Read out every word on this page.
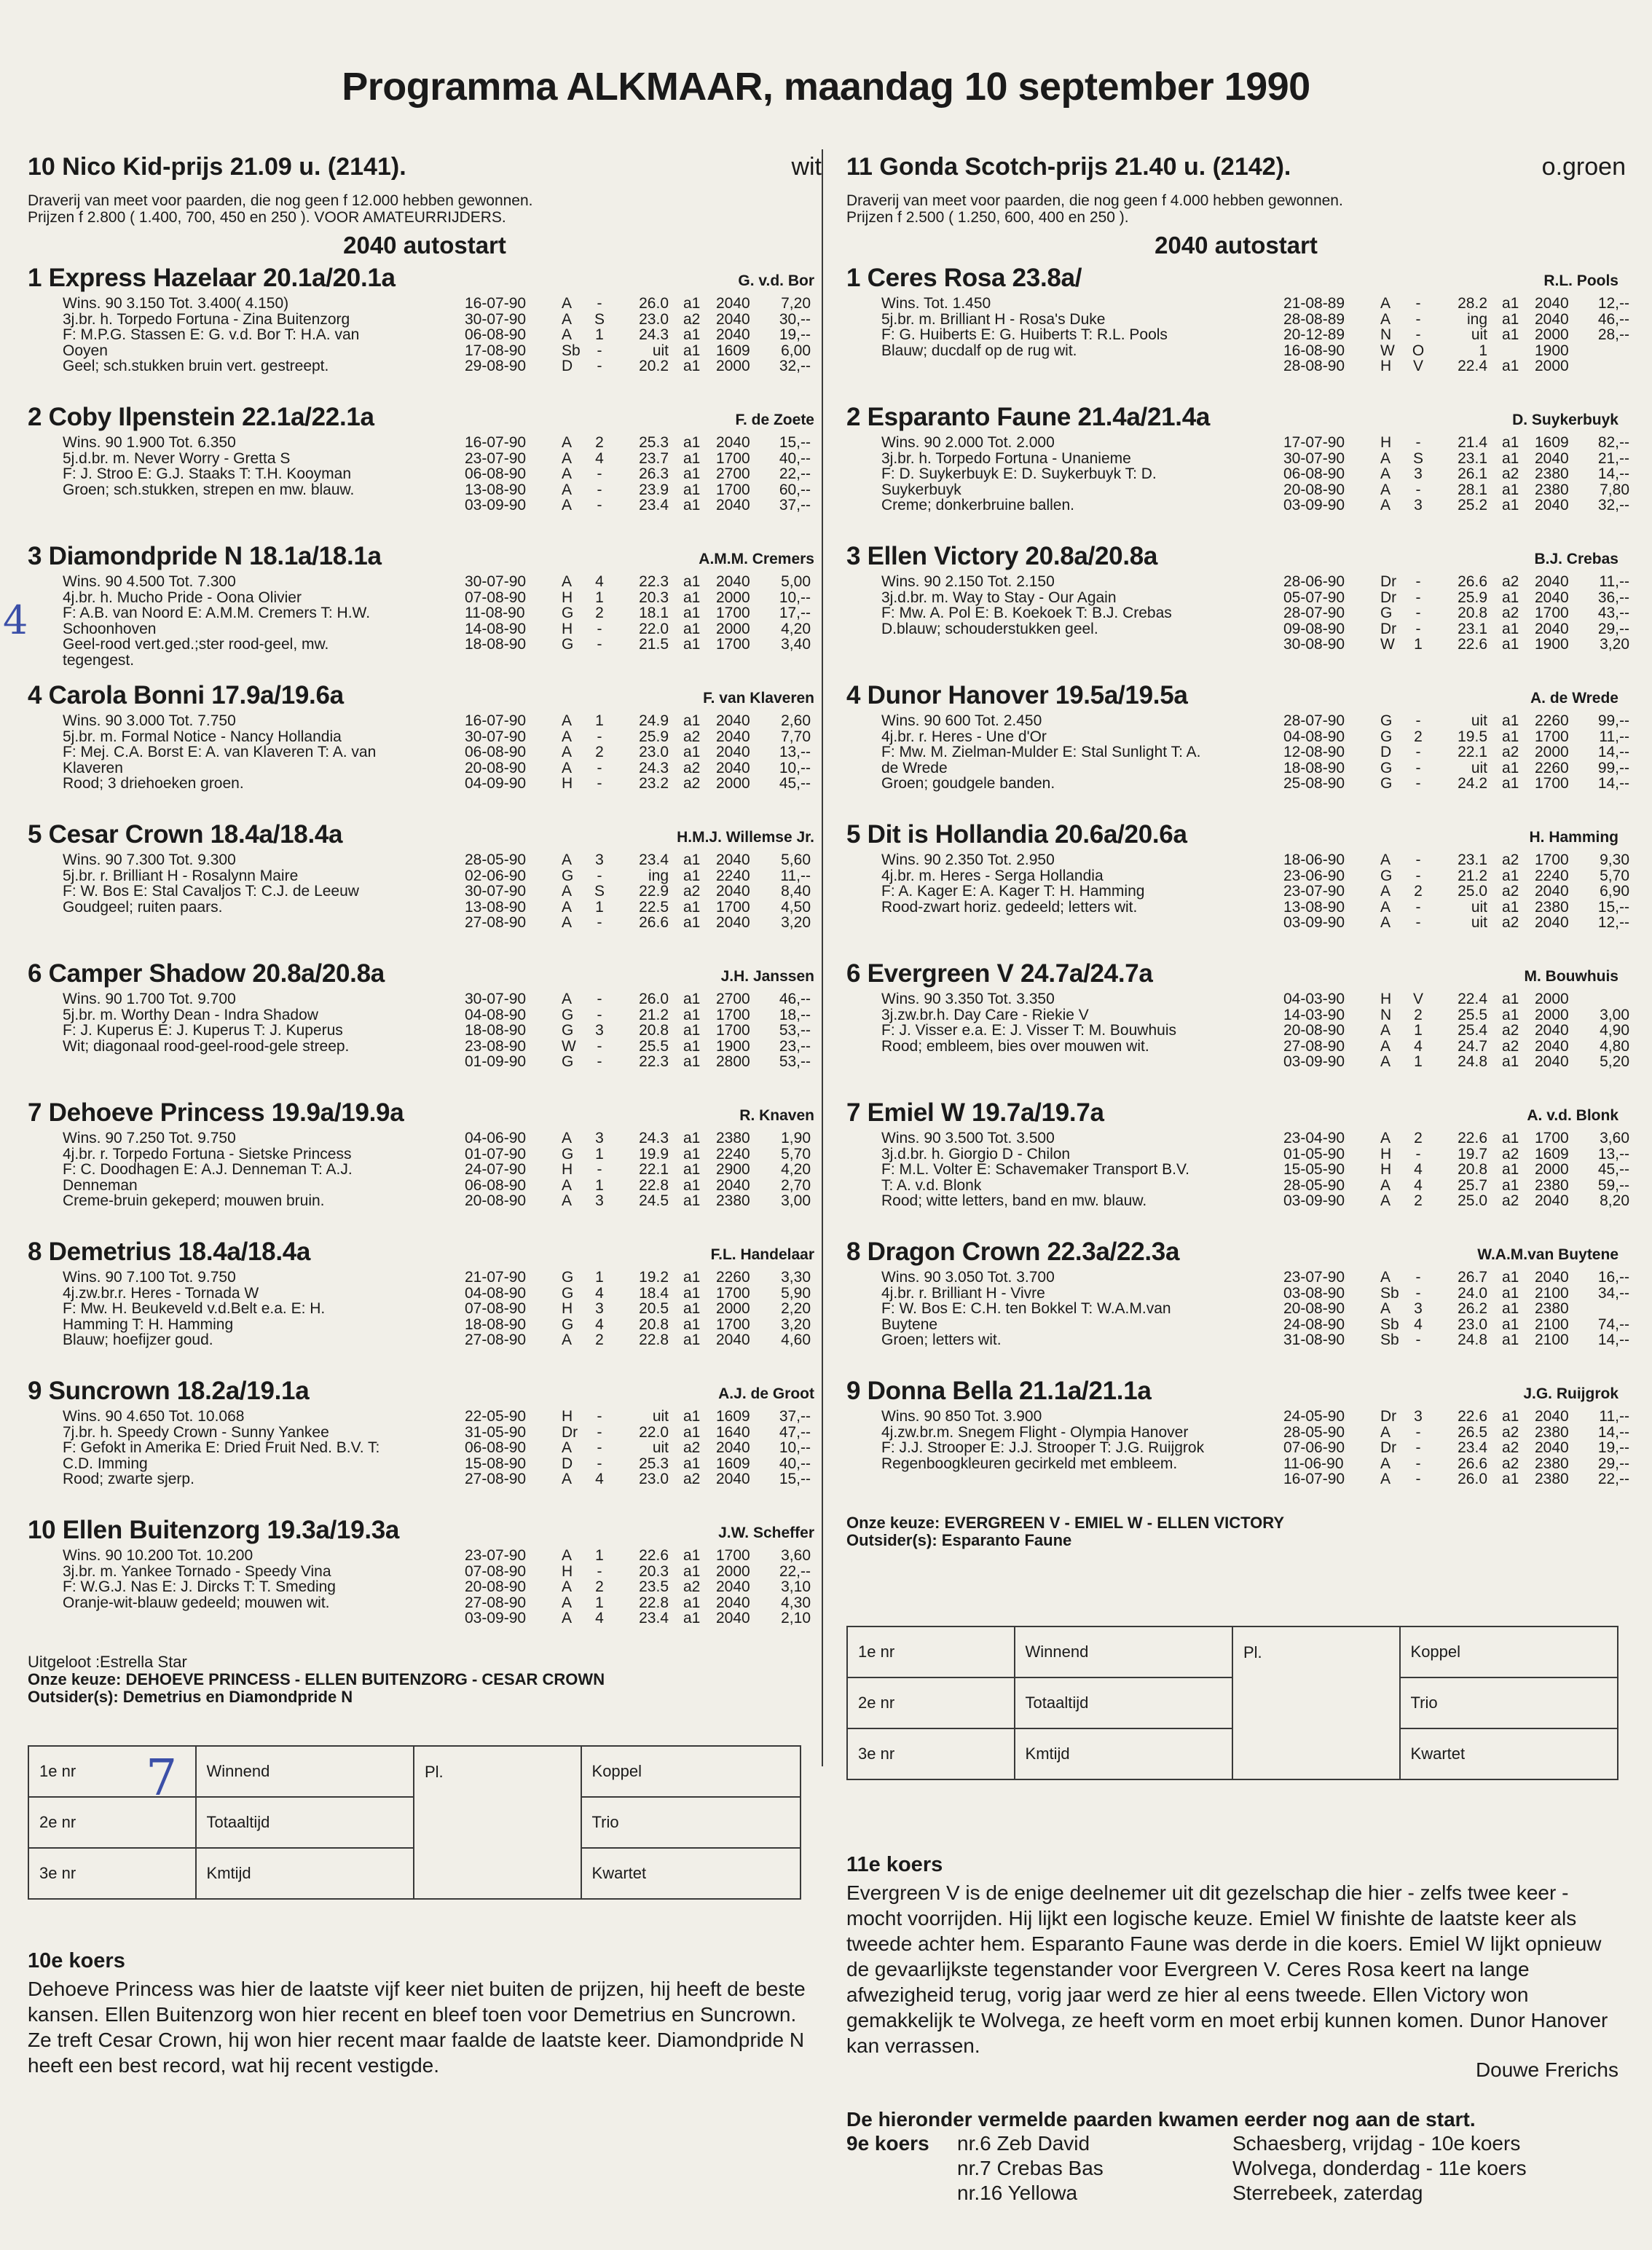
Programma ALKMAAR, maandag 10 september 1990
4
10 Nico Kid-prijs 21.09 u. (2141).	wit
Draverij van meet voor paarden, die nog geen f 12.000 hebben gewonnen.
Prijzen f 2.800 ( 1.400, 700, 450 en 250 ). VOOR AMATEURRIJDERS.
2040 autostart
1 Express Hazelaar 20.1a/20.1a	G. v.d. Bor
Wins. 90 3.150 Tot. 3.400( 4.150)
3j.br. h. Torpedo Fortuna - Zina Buitenzorg
F: M.P.G. Stassen E: G. v.d. Bor T: H.A. van
Ooyen
Geel; sch.stukken bruin vert. gestreept.
16-07-90 A	-	26.0 a1 2040	7,20
30-07-90 A	S	23.0 a2 2040	30,--
06-08-90 A	1	24.3 a1 2040	19,--
17-08-90 Sb	-	uit a1 1609	6,00
29-08-90 D	-	20.2 a1 2000	32,--
2 Coby Ilpenstein 22.1a/22.1a	F. de Zoete
Wins. 90 1.900 Tot. 6.350
5j.d.br. m. Never Worry - Gretta S
F: J. Stroo E: G.J. Staaks T: T.H. Kooyman
Groen; sch.stukken, strepen en mw. blauw.
16-07-90 A	2	25.3 a1 2040	15,--
23-07-90 A	4	23.7 a1 1700	40,--
06-08-90 A	-	26.3 a1 2700	22,--
13-08-90 A	-	23.9 a1 1700	60,--
03-09-90 A	-	23.4 a1 2040	37,--
3 Diamondpride N 18.1a/18.1a	A.M.M. Cremers
Wins. 90 4.500 Tot. 7.300
4j.br. h. Mucho Pride - Oona Olivier
F: A.B. van Noord E: A.M.M. Cremers T: H.W.
Schoonhoven
Geel-rood vert.ged.;ster rood-geel, mw.
tegengest.
30-07-90 A	4	22.3 a1 2040	5,00
07-08-90 H	1	20.3 a1 2000	10,--
11-08-90 G	2	18.1 a1 1700	17,--
14-08-90 H	-	22.0 a1 2000	4,20
18-08-90 G	-	21.5 a1 1700	3,40
4 Carola Bonni 17.9a/19.6a	F. van Klaveren
Wins. 90 3.000 Tot. 7.750
5j.br. m. Formal Notice - Nancy Hollandia
F: Mej. C.A. Borst E: A. van Klaveren T: A. van
Klaveren
Rood; 3 driehoeken groen.
16-07-90 A	1	24.9 a1 2040	2,60
30-07-90 A	-	25.9 a2 2040	7,70
06-08-90 A	2	23.0 a1 2040	13,--
20-08-90 A	-	24.3 a2 2040	10,--
04-09-90 H	-	23.2 a2 2000	45,--
5 Cesar Crown 18.4a/18.4a	H.M.J. Willemse Jr.
Wins. 90 7.300 Tot. 9.300
5j.br. r. Brilliant H - Rosalynn Maire
F: W. Bos E: Stal Cavaljos T: C.J. de Leeuw
Goudgeel; ruiten paars.
28-05-90 A	3	23.4 a1 2040	5,60
02-06-90 G	-	ing a1 2240	11,--
30-07-90 A	S	22.9 a2 2040	8,40
13-08-90 A	1	22.5 a1 1700	4,50
27-08-90 A	-	26.6 a1 2040	3,20
6 Camper Shadow 20.8a/20.8a	J.H. Janssen
Wins. 90 1.700 Tot. 9.700
5j.br. m. Worthy Dean - Indra Shadow
F: J. Kuperus E: J. Kuperus T: J. Kuperus
Wit; diagonaal rood-geel-rood-gele streep.
30-07-90 A	-	26.0 a1 2700	46,--
04-08-90 G	-	21.2 a1 1700	18,--
18-08-90 G	3	20.8 a1 1700	53,--
23-08-90 W	-	25.5 a1 1900	23,--
01-09-90 G	-	22.3 a1 2800	53,--
7 Dehoeve Princess 19.9a/19.9a	R. Knaven
Wins. 90 7.250 Tot. 9.750
4j.br. r. Torpedo Fortuna - Sietske Princess
F: C. Doodhagen E: A.J. Denneman T: A.J.
Denneman
Creme-bruin gekeperd; mouwen bruin.
04-06-90 A	3	24.3 a1 2380	1,90
01-07-90 G	1	19.9 a1 2240	5,70
24-07-90 H	-	22.1 a1 2900	4,20
06-08-90 A	1	22.8 a1 2040	2,70
20-08-90 A	3	24.5 a1 2380	3,00
8 Demetrius 18.4a/18.4a	F.L. Handelaar
Wins. 90 7.100 Tot. 9.750
4j.zw.br.r. Heres - Tornada W
F: Mw. H. Beukeveld v.d.Belt e.a. E: H.
Hamming T: H. Hamming
Blauw; hoefijzer goud.
21-07-90 G	1	19.2 a1 2260	3,30
04-08-90 G	4	18.4 a1 1700	5,90
07-08-90 H	3	20.5 a1 2000	2,20
18-08-90 G	4	20.8 a1 1700	3,20
27-08-90 A	2	22.8 a1 2040	4,60
9 Suncrown 18.2a/19.1a	A.J. de Groot
Wins. 90 4.650 Tot. 10.068
7j.br. h. Speedy Crown - Sunny Yankee
F: Gefokt in Amerika E: Dried Fruit Ned. B.V. T:
C.D. Imming
Rood; zwarte sjerp.
22-05-90 H	-	uit a1 1609	37,--
31-05-90 Dr	-	22.0 a1 1640	47,--
06-08-90 A	-	uit a2 2040	10,--
15-08-90 D	-	25.3 a1 1609	40,--
27-08-90 A	4	23.0 a2 2040	15,--
10 Ellen Buitenzorg 19.3a/19.3a	J.W. Scheffer
Wins. 90 10.200 Tot. 10.200
3j.br. m. Yankee Tornado - Speedy Vina
F: W.G.J. Nas E: J. Dircks T: T. Smeding
Oranje-wit-blauw gedeeld; mouwen wit.
23-07-90 A	1	22.6 a1 1700	3,60
07-08-90 H	-	20.3 a1 2000	22,--
20-08-90 A	2	23.5 a2 2040	3,10
27-08-90 A	1	22.8 a1 2040	4,30
03-09-90 A	4	23.4 a1 2040	2,10
Uitgeloot :Estrella Star
Onze keuze: DEHOEVE PRINCESS - ELLEN BUITENZORG - CESAR CROWN
Outsider(s): Demetrius en Diamondpride N
1e nr	Winnend	Pl.	Koppel
2e nr	Totaaltijd		Trio
3e nr	Kmtijd		Kwartet
7
10e koers

Dehoeve Princess was hier de laatste vijf keer niet buiten de prijzen, hij heeft de beste kansen. Ellen Buitenzorg won hier recent en bleef toen voor Demetrius en Suncrown. Ze treft Cesar Crown, hij won hier recent maar faalde de laatste keer. Diamondpride N heeft een best record, wat hij recent vestigde.

11 Gonda Scotch-prijs 21.40 u. (2142).	o.groen
Draverij van meet voor paarden, die nog geen f 4.000 hebben gewonnen.
Prijzen f 2.500 ( 1.250, 600, 400 en 250 ).
2040 autostart
1 Ceres Rosa 23.8a/	R.L. Pools
Wins. Tot. 1.450
5j.br. m. Brilliant H - Rosa's Duke
F: G. Huiberts E: G. Huiberts T: R.L. Pools
Blauw; ducdalf op de rug wit.
21-08-89 A	-	28.2 a1 2040	12,--
28-08-89 A	-	ing a1 2040	46,--
20-12-89 N	-	uit a1 2000	28,--
16-08-90 W	O	1	1900
28-08-90 H	V	22.4 a1 2000
2 Esparanto Faune 21.4a/21.4a	D. Suykerbuyk
Wins. 90 2.000 Tot. 2.000
3j.br. h. Torpedo Fortuna - Unanieme
F: D. Suykerbuyk E: D. Suykerbuyk T: D.
Suykerbuyk
Creme; donkerbruine ballen.
17-07-90 H	-	21.4 a1 1609	82,--
30-07-90 A	S	23.1 a1 2040	21,--
06-08-90 A	3	26.1 a2 2380	14,--
20-08-90 A	-	28.1 a1 2380	7,80
03-09-90 A	3	25.2 a1 2040	32,--
3 Ellen Victory 20.8a/20.8a	B.J. Crebas
Wins. 90 2.150 Tot. 2.150
3j.d.br. m. Way to Stay - Our Again
F: Mw. A. Pol E: B. Koekoek T: B.J. Crebas
D.blauw; schouderstukken geel.
28-06-90 Dr	-	26.6 a2 2040	11,--
05-07-90 Dr	-	25.9 a1 2040	36,--
28-07-90 G	-	20.8 a2 1700	43,--
09-08-90 Dr	-	23.1 a1 2040	29,--
30-08-90 W	1	22.6 a1 1900	3,20
4 Dunor Hanover 19.5a/19.5a	A. de Wrede
Wins. 90 600 Tot. 2.450
4j.br. r. Heres - Une d'Or
F: Mw. M. Zielman-Mulder E: Stal Sunlight T: A.
de Wrede
Groen; goudgele banden.
28-07-90 G	-	uit a1 2260	99,--
04-08-90 G	2	19.5 a1 1700	11,--
12-08-90 D	-	22.1 a2 2000	14,--
18-08-90 G	-	uit a1 2260	99,--
25-08-90 G	-	24.2 a1 1700	14,--
5 Dit is Hollandia 20.6a/20.6a	H. Hamming
Wins. 90 2.350 Tot. 2.950
4j.br. m. Heres - Serga Hollandia
F: A. Kager E: A. Kager T: H. Hamming
Rood-zwart horiz. gedeeld; letters wit.
18-06-90 A	-	23.1 a2 1700	9,30
23-06-90 G	-	21.2 a1 2240	5,70
23-07-90 A	2	25.0 a2 2040	6,90
13-08-90 A	-	uit a1 2380	15,--
03-09-90 A	-	uit a2 2040	12,--
6 Evergreen V 24.7a/24.7a	M. Bouwhuis
Wins. 90 3.350 Tot. 3.350
3j.zw.br.h. Day Care - Riekie V
F: J. Visser e.a. E: J. Visser T: M. Bouwhuis
Rood; embleem, bies over mouwen wit.
04-03-90 H	V	22.4 a1 2000
14-03-90 N	2	25.5 a1 2000	3,00
20-08-90 A	1	25.4 a2 2040	4,90
27-08-90 A	4	24.7 a2 2040	4,80
03-09-90 A	1	24.8 a1 2040	5,20
7 Emiel W 19.7a/19.7a	A. v.d. Blonk
Wins. 90 3.500 Tot. 3.500
3j.d.br. h. Giorgio D - Chilon
F: M.L. Volter E: Schavemaker Transport B.V.
T: A. v.d. Blonk
Rood; witte letters, band en mw. blauw.
23-04-90 A	2	22.6 a1 1700	3,60
01-05-90 H	-	19.7 a2 1609	13,--
15-05-90 H	4	20.8 a1 2000	45,--
28-05-90 A	4	25.7 a1 2380	59,--
03-09-90 A	2	25.0 a2 2040	8,20
8 Dragon Crown 22.3a/22.3a	W.A.M.van Buytene
Wins. 90 3.050 Tot. 3.700
4j.br. r. Brilliant H - Vivre
F: W. Bos E: C.H. ten Bokkel T: W.A.M.van
Buytene
Groen; letters wit.
23-07-90 A	-	26.7 a1 2040	16,--
03-08-90 Sb	-	24.0 a1 2100	34,--
20-08-90 A	3	26.2 a1 2380
24-08-90 Sb 4	23.0 a1 2100	74,--
31-08-90 Sb	-	24.8 a1 2100	14,--
9 Donna Bella 21.1a/21.1a	J.G. Ruijgrok
Wins. 90 850 Tot. 3.900
4j.zw.br.m. Snegem Flight - Olympia Hanover
F: J.J. Strooper E: J.J. Strooper T: J.G. Ruijgrok
Regenboogkleuren gecirkeld met embleem.
24-05-90 Dr	3	22.6 a1 2040	11,--
28-05-90 A	-	26.5 a2 2380	14,--
07-06-90 Dr	-	23.4 a2 2040	19,--
11-06-90 A	-	26.6 a2 2380	29,--
16-07-90 A	-	26.0 a1 2380	22,--
Onze keuze: EVERGREEN V - EMIEL W - ELLEN VICTORY
Outsider(s): Esparanto Faune
1e nr	Winnend	Pl.	Koppel
2e nr	Totaaltijd		Trio
3e nr	Kmtijd		Kwartet
11e koers

Evergreen V is de enige deelnemer uit dit gezelschap die hier - zelfs twee keer - mocht voorrijden. Hij lijkt een logische keuze. Emiel W finishte de laatste keer als tweede achter hem. Esparanto Faune was derde in die koers. Emiel W lijkt opnieuw de gevaarlijkste tegenstander voor Evergreen V. Ceres Rosa keert na lange afwezigheid terug, vorig jaar werd ze hier al eens tweede. Ellen Victory won gemakkelijk te Wolvega, ze heeft vorm en moet erbij kunnen komen. Dunor Hanover kan verrassen.

Douwe Frerichs
De hieronder vermelde paarden kwamen eerder nog aan de start.
9e koers nr.6 Zeb David	Schaesberg, vrijdag - 10e koers
nr.7 Crebas Bas	Wolvega, donderdag - 11e koers
nr.16 Yellowa	Sterrebeek, zaterdag
